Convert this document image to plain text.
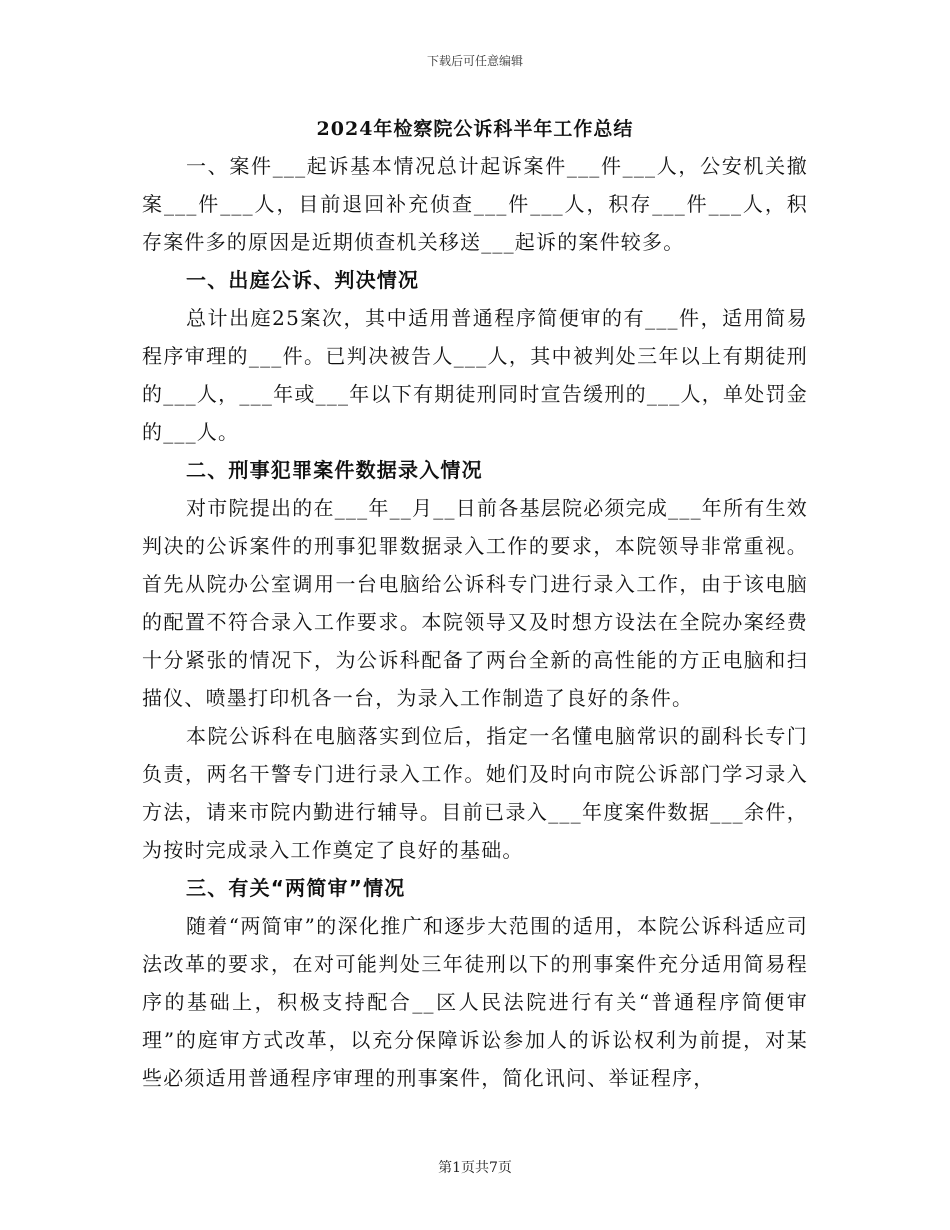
下载后可任意编辑
2024年检察院公诉科半年工作总结

一、案件___起诉基本情况总计起诉案件___件___人，公安机关撤案___件___人，目前退回补充侦查___件___人，积存___件___人，积存案件多的原因是近期侦查机关移送___起诉的案件较多。

一、出庭公诉、判决情况

总计出庭25案次，其中适用普通程序简便审的有___件，适用简易程序审理的___件。已判决被告人___人，其中被判处三年以上有期徒刑的___人，___年或___年以下有期徒刑同时宣告缓刑的___人，单处罚金的___人。

二、刑事犯罪案件数据录入情况

对市院提出的在___年__月__日前各基层院必须完成___年所有生效判决的公诉案件的刑事犯罪数据录入工作的要求，本院领导非常重视。首先从院办公室调用一台电脑给公诉科专门进行录入工作，由于该电脑的配置不符合录入工作要求。本院领导又及时想方设法在全院办案经费十分紧张的情况下，为公诉科配备了两台全新的高性能的方正电脑和扫描仪、喷墨打印机各一台，为录入工作制造了良好的条件。

本院公诉科在电脑落实到位后，指定一名懂电脑常识的副科长专门负责，两名干警专门进行录入工作。她们及时向市院公诉部门学习录入方法，请来市院内勤进行辅导。目前已录入___年度案件数据___余件，为按时完成录入工作奠定了良好的基础。

三、有关“两简审”情况

随着“两简审”的深化推广和逐步大范围的适用，本院公诉科适应司法改革的要求，在对可能判处三年徒刑以下的刑事案件充分适用简易程序的基础上，积极支持配合__区人民法院进行有关“普通程序简便审理”的庭审方式改革，以充分保障诉讼参加人的诉讼权利为前提，对某些必须适用普通程序审理的刑事案件，简化讯问、举证程序，

第1页共7页
